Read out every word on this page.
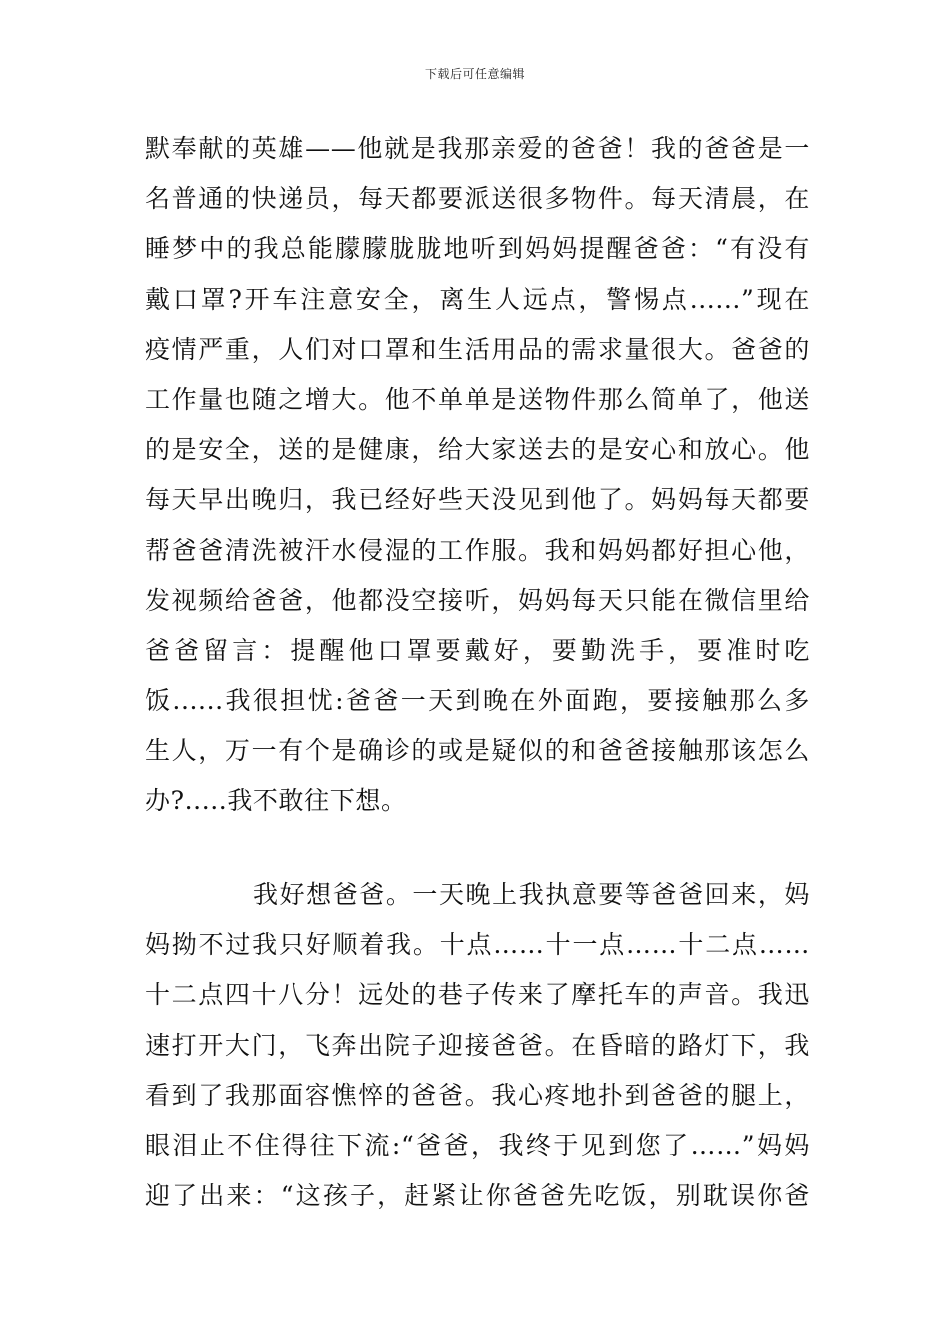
下载后可任意编辑
默奉献的英雄——他就是我那亲爱的爸爸！我的爸爸是一
名普通的快递员，每天都要派送很多物件。每天清晨，在
睡梦中的我总能朦朦胧胧地听到妈妈提醒爸爸：“有没有
戴口罩?开车注意安全，离生人远点，警惕点......”现在
疫情严重，人们对口罩和生活用品的需求量很大。爸爸的
工作量也随之增大。他不单单是送物件那么简单了，他送
的是安全，送的是健康，给大家送去的是安心和放心。他
每天早出晚归，我已经好些天没见到他了。妈妈每天都要
帮爸爸清洗被汗水侵湿的工作服。我和妈妈都好担心他，
发视频给爸爸，他都没空接听，妈妈每天只能在微信里给
爸爸留言：提醒他口罩要戴好，要勤洗手，要准时吃
饭......我很担忧:爸爸一天到晚在外面跑，要接触那么多
生人，万一有个是确诊的或是疑似的和爸爸接触那该怎么
办?.....我不敢往下想。
我好想爸爸。一天晚上我执意要等爸爸回来，妈
妈拗不过我只好顺着我。十点……十一点……十二点……
十二点四十八分！远处的巷子传来了摩托车的声音。我迅
速打开大门，飞奔出院子迎接爸爸。在昏暗的路灯下，我
看到了我那面容憔悴的爸爸。我心疼地扑到爸爸的腿上，
眼泪止不住得往下流:“爸爸，我终于见到您了……”妈妈
迎了出来：“这孩子，赶紧让你爸爸先吃饭，别耽误你爸
